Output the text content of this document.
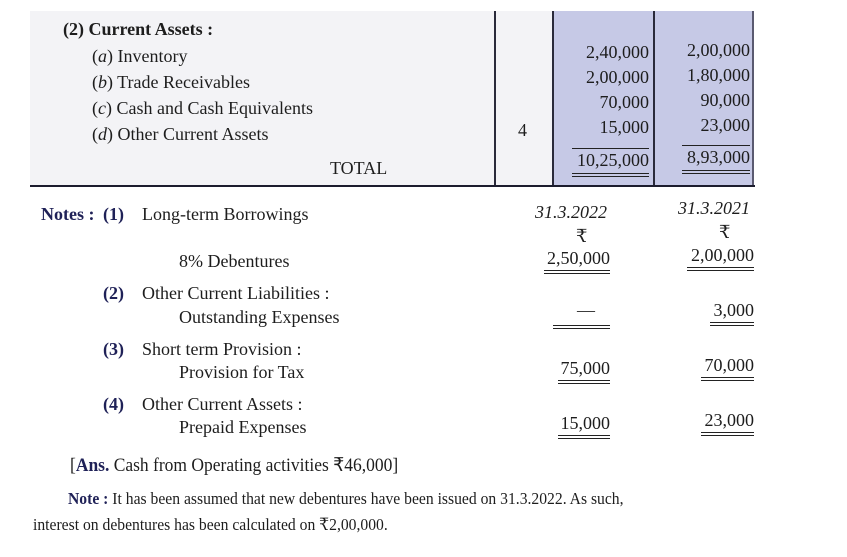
(2) Current Assets :
(a) Inventory	2,40,000	2,00,000
(b) Trade Receivables	2,00,000	1,80,000
(c) Cash and Cash Equivalents	70,000	90,000
(d) Other Current Assets	4	15,000	23,000
TOTAL	10,25,000	8,93,000
Notes :	31.3.2022	31.3.2021
₹	₹
(1) Long-term Borrowings
8% Debentures	2,50,000	2,00,000
(2) Other Current Liabilities :
Outstanding Expenses	—	3,000
(3) Short term Provision :
Provision for Tax	75,000	70,000
(4) Other Current Assets :
Prepaid Expenses	15,000	23,000
[Ans. Cash from Operating activities ₹46,000]
Note : It has been assumed that new debentures have been issued on 31.3.2022. As such,
interest on debentures has been calculated on ₹2,00,000.
